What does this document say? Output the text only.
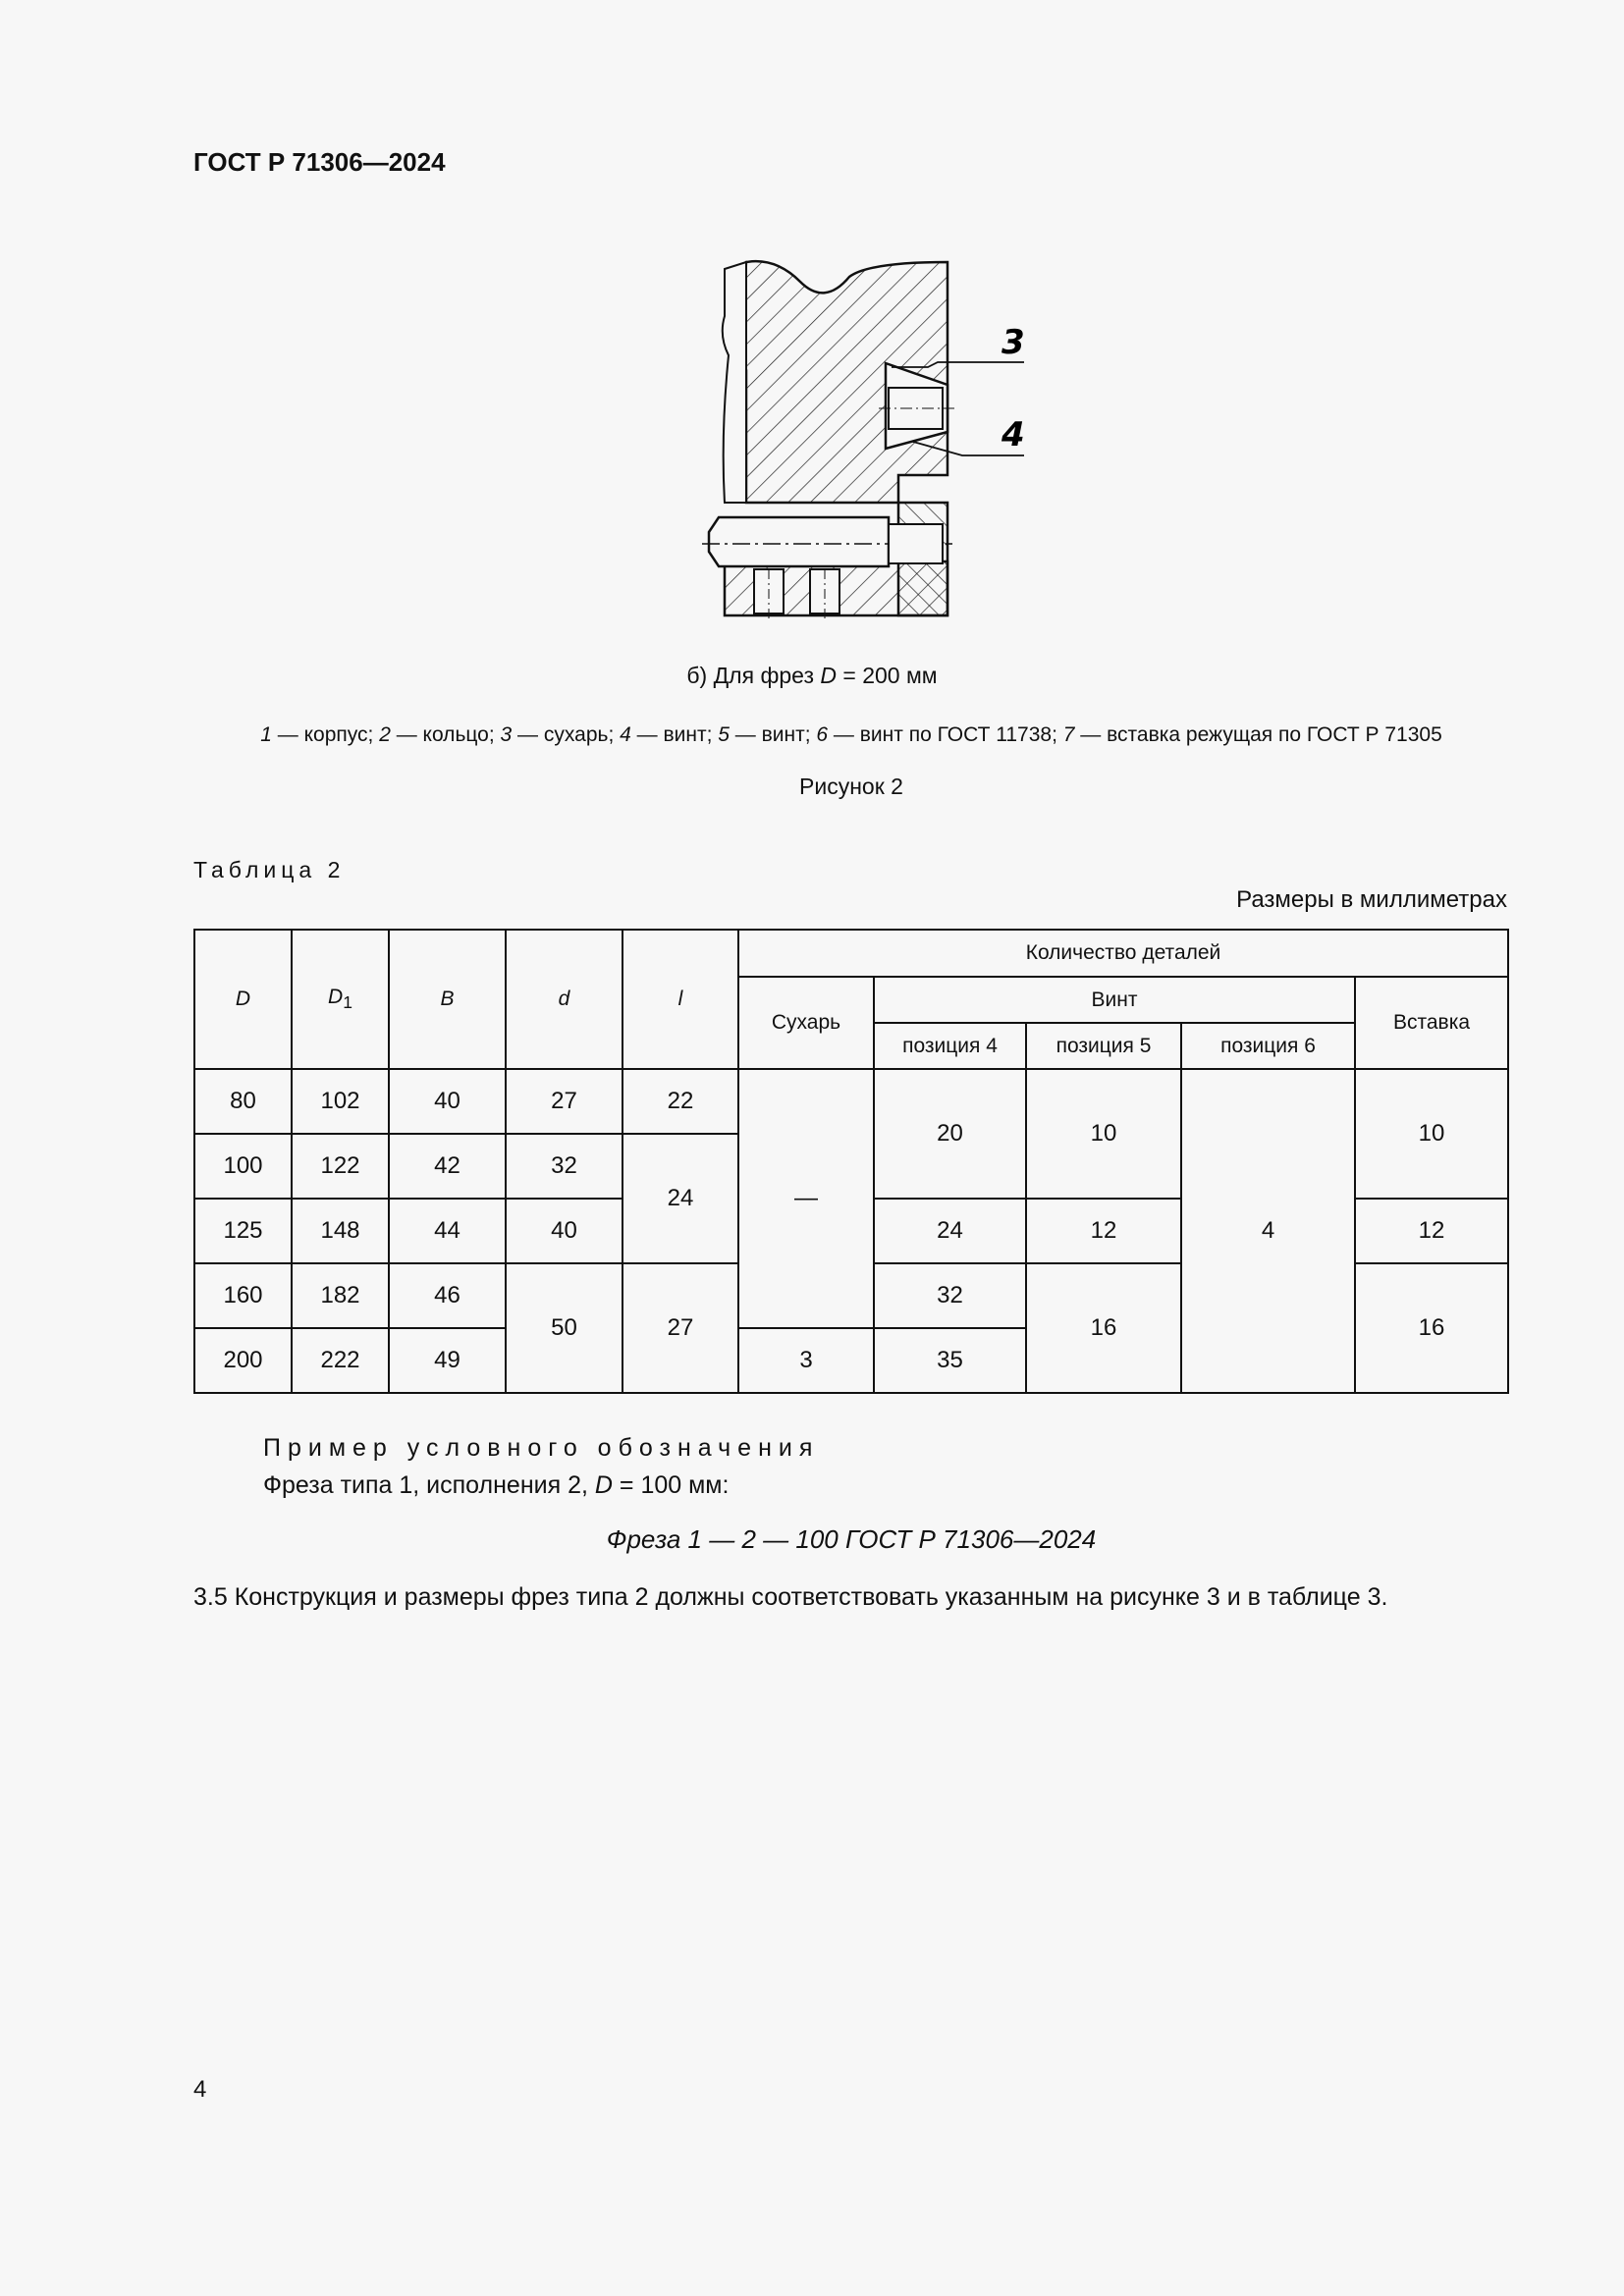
ГОСТ Р 71306—2024
3
4
б) Для фрез D = 200 мм
1 — корпус; 2 — кольцо; 3 — сухарь; 4 — винт; 5 — винт; 6 — винт по ГОСТ 11738; 7 — вставка режущая по ГОСТ Р 71305
Рисунок 2
Таблица 2
Размеры в миллиметрах
D	$D_1$	B	d	l	Количество деталей				
					Сухарь	Винт			Вставка
						позиция 4	позиция 5	позиция 6	
80	102	40	27	22	—	20	10	4	10
100	122	42	32	24					
125	148	44	40			24	12		12
160	182	46	50	27		32	16		16
200	222	49			3	35			
Пример условного обозначения
Фреза типа 1, исполнения 2, D = 100 мм:
Фреза 1 — 2 — 100 ГОСТ Р 71306—2024
3.5 Конструкция и размеры фрез типа 2 должны соответствовать указанным на рисунке 3 и в таблице 3.
4
